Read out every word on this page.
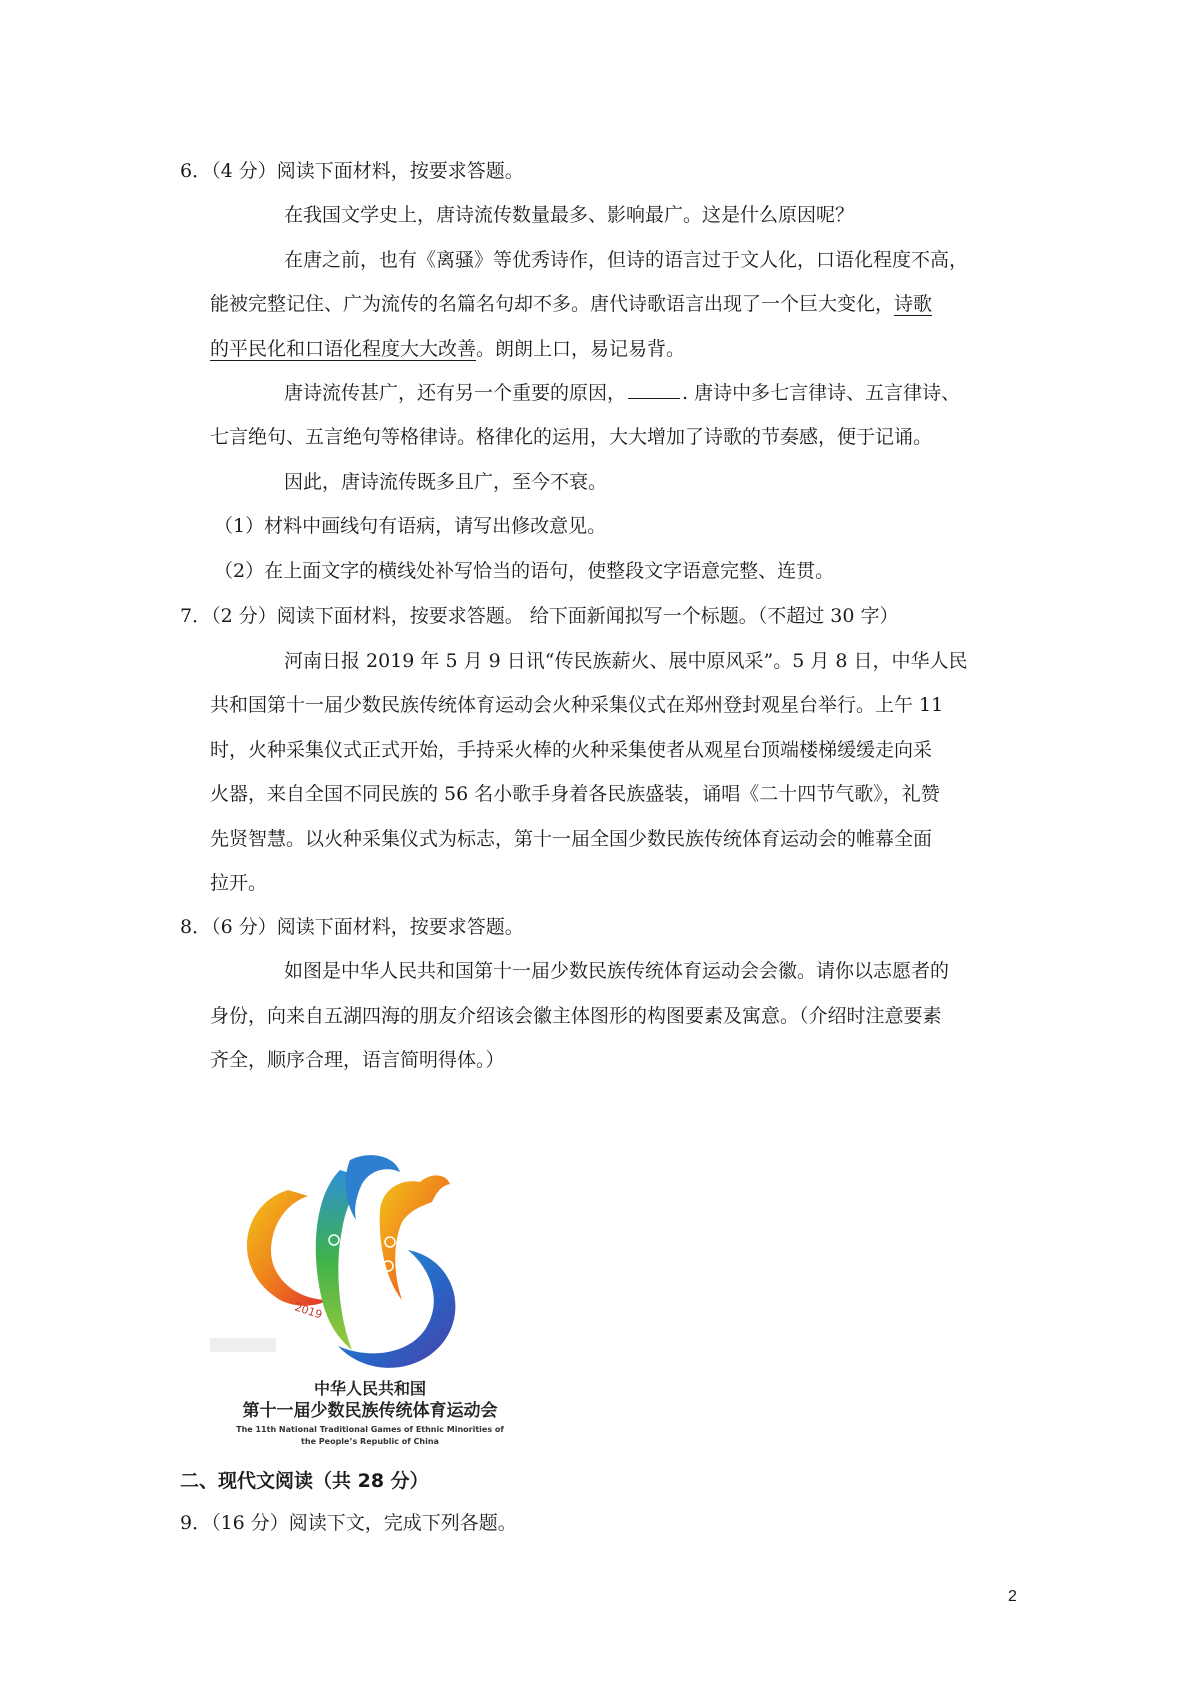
6．（4 分）阅读下面材料，按要求答题。
在我国文学史上，唐诗流传数量最多、影响最广。这是什么原因呢？
在唐之前，也有《离骚》等优秀诗作，但诗的语言过于文人化，口语化程度不高，
能被完整记住、广为流传的名篇名句却不多。唐代诗歌语言出现了一个巨大变化，诗歌
的平民化和口语化程度大大改善。朗朗上口，易记易背。
唐诗流传甚广，还有另一个重要的原因，	. 唐诗中多七言律诗、五言律诗、
七言绝句、五言绝句等格律诗。格律化的运用，大大增加了诗歌的节奏感，便于记诵。
因此，唐诗流传既多且广，至今不衰。
（1）材料中画线句有语病，请写出修改意见。
（2）在上面文字的横线处补写恰当的语句，使整段文字语意完整、连贯。
7．（2 分）阅读下面材料，按要求答题。 给下面新闻拟写一个标题。（不超过 30 字）
河南日报 2019 年 5 月 9 日讯“传民族薪火、展中原风采”。5 月 8 日，中华人民
共和国第十一届少数民族传统体育运动会火种采集仪式在郑州登封观星台举行。上午 11
时，火种采集仪式正式开始，手持采火棒的火种采集使者从观星台顶端楼梯缓缓走向采
火器，来自全国不同民族的 56 名小歌手身着各民族盛装，诵唱《二十四节气歌》，礼赞
先贤智慧。以火种采集仪式为标志，第十一届全国少数民族传统体育运动会的帷幕全面
拉开。
8．（6 分）阅读下面材料，按要求答题。
如图是中华人民共和国第十一届少数民族传统体育运动会会徽。请你以志愿者的
身份，向来自五湖四海的朋友介绍该会徽主体图形的构图要素及寓意。（介绍时注意要素
齐全，顺序合理，语言简明得体。）
2019
郑州
中华人民共和国
第十一届少数民族传统体育运动会
The 11th National Traditional Games of Ethnic Minorities of
the People’s Republic of China
二、现代文阅读（共 28 分）
9．（16 分）阅读下文，完成下列各题。
2
